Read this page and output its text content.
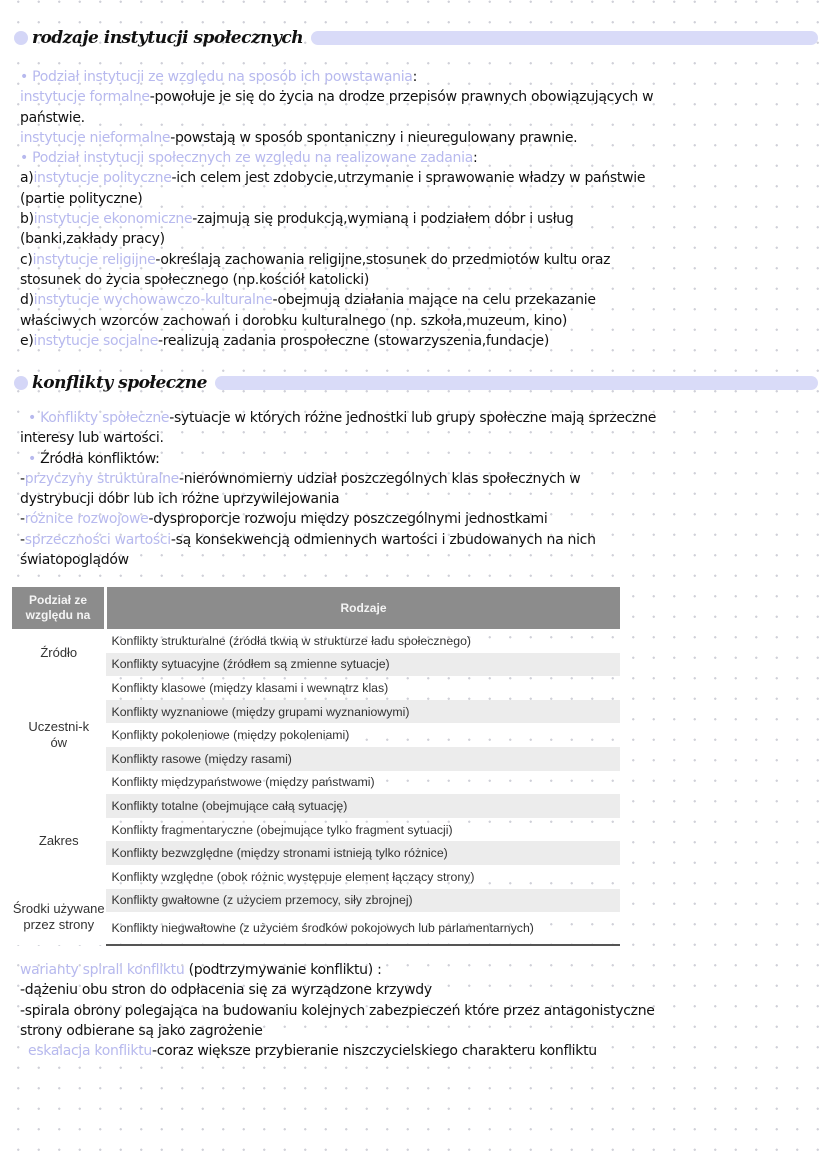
rodzaje instytucji społecznych
• Podział instytucji ze względu na sposób ich powstawania:
instytucje formalne-powołuje je się do życia na drodze przepisów prawnych obowiązujących w
państwie.
instytucje nieformalne-powstają w sposób spontaniczny i nieuregulowany prawnie.
• Podział instytucji społecznych ze względu na realizowane zadania:
a)instytucje polityczne-ich celem jest zdobycie,utrzymanie i sprawowanie władzy w państwie
(partie polityczne)
b)instytucje ekonomiczne-zajmują się produkcją,wymianą i podziałem dóbr i usług
(banki,zakłady pracy)
c)instytucje religijne-określają zachowania religijne,stosunek do przedmiotów kultu oraz
stosunek do życia społecznego (np.kościół katolicki)
d)instytucje wychowawczo-kulturalne-obejmują działania mające na celu przekazanie
właściwych wzorców zachowań i dorobku kulturalnego (np. szkoła,muzeum, kino)
e)instytucje socjalne-realizują zadania prospołeczne (stowarzyszenia,fundacje)
konflikty społeczne
• Konflikty społeczne-sytuacje w których różne jednostki lub grupy społeczne mają sprzeczne
interesy lub wartości.
• Źródła konfliktów:
-przyczyny strukturalne-nierównomierny udział poszczególnych klas społecznych w
dystrybucji dóbr lub ich różne uprzywilejowania
-różnice rozwojowe-dysproporcje rozwoju między poszczególnymi jednostkami
-sprzeczności wartości-są konsekwencją odmiennych wartości i zbudowanych na nich
światopoglądów
Podział ze względu na	Rodzaje
Źródło	Konflikty strukturalne (źródła tkwią w strukturze ładu społecznego)
	Konflikty sytuacyjne (źródłem są zmienne sytuacje)
Uczestni-ków	Konflikty klasowe (między klasami i wewnątrz klas)
	Konflikty wyznaniowe (między grupami wyznaniowymi)
	Konflikty pokoleniowe (między pokoleniami)
	Konflikty rasowe (między rasami)
	Konflikty międzypaństwowe (między państwami)
Zakres	Konflikty totalne (obejmujące całą sytuację)
	Konflikty fragmentaryczne (obejmujące tylko fragment sytuacji)
	Konflikty bezwzględne (między stronami istnieją tylko różnice)
	Konflikty względne (obok różnic występuje element łączący strony)
Środki używane przez strony	Konflikty gwałtowne (z użyciem przemocy, siły zbrojnej)
	Konflikty niegwałtowne (z użyciem środków pokojowych lub parlamentarnych)
warianty spirali konfliktu (podtrzymywanie konfliktu) :
-dążeniu obu stron do odpłacenia się za wyrządzone krzywdy
-spirala obrony polegająca na budowaniu kolejnych zabezpieczeń które przez antagonistyczne
strony odbierane są jako zagrożenie
eskalacja konfliktu-coraz większe przybieranie niszczycielskiego charakteru konfliktu
